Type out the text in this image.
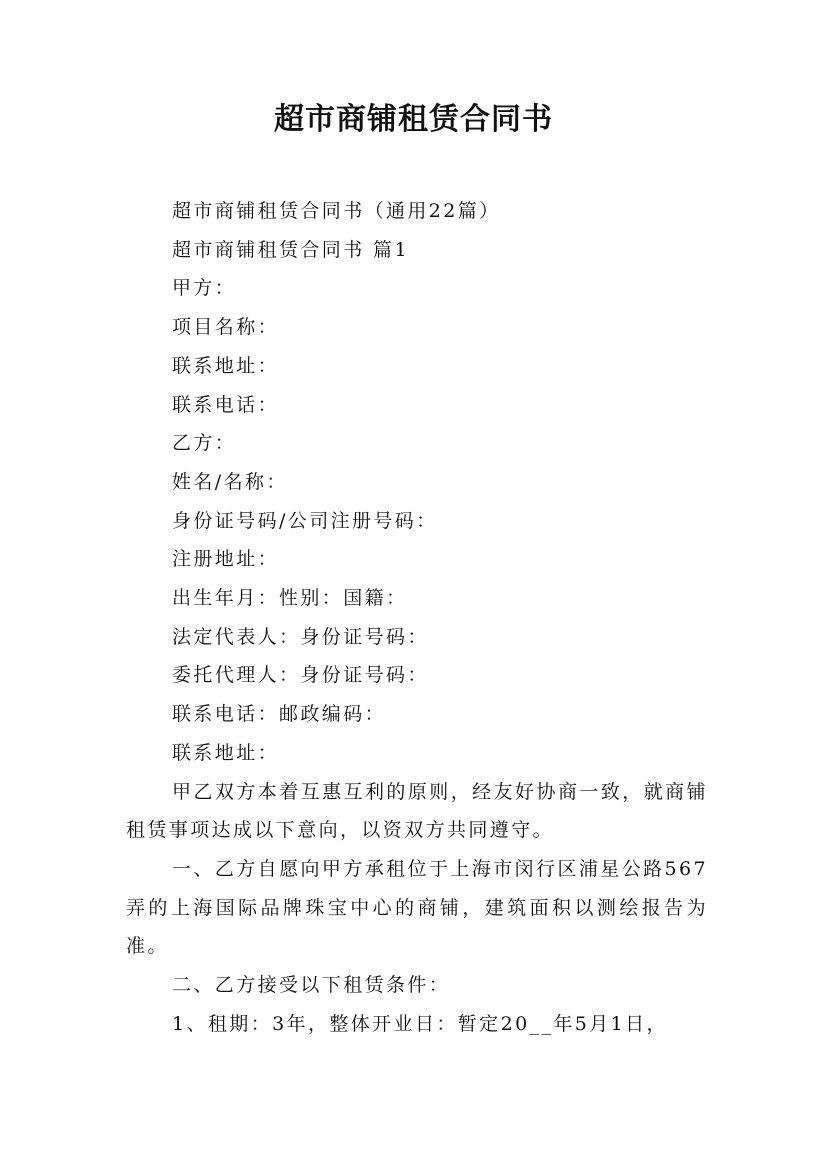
超市商铺租赁合同书

超市商铺租赁合同书（通用22篇）

超市商铺租赁合同书 篇1

甲方：

项目名称：

联系地址：

联系电话：

乙方：

姓名/名称：

身份证号码/公司注册号码：

注册地址：

出生年月：性别：国籍：

法定代表人：身份证号码：

委托代理人：身份证号码：

联系电话：邮政编码：

联系地址：

甲乙双方本着互惠互利的原则，经友好协商一致，就商铺租赁事项达成以下意向，以资双方共同遵守。

一、乙方自愿向甲方承租位于上海市闵行区浦星公路567弄的上海国际品牌珠宝中心的商铺，建筑面积以测绘报告为准。

二、乙方接受以下租赁条件：

1、租期：3年，整体开业日：暂定20__年5月1日，
